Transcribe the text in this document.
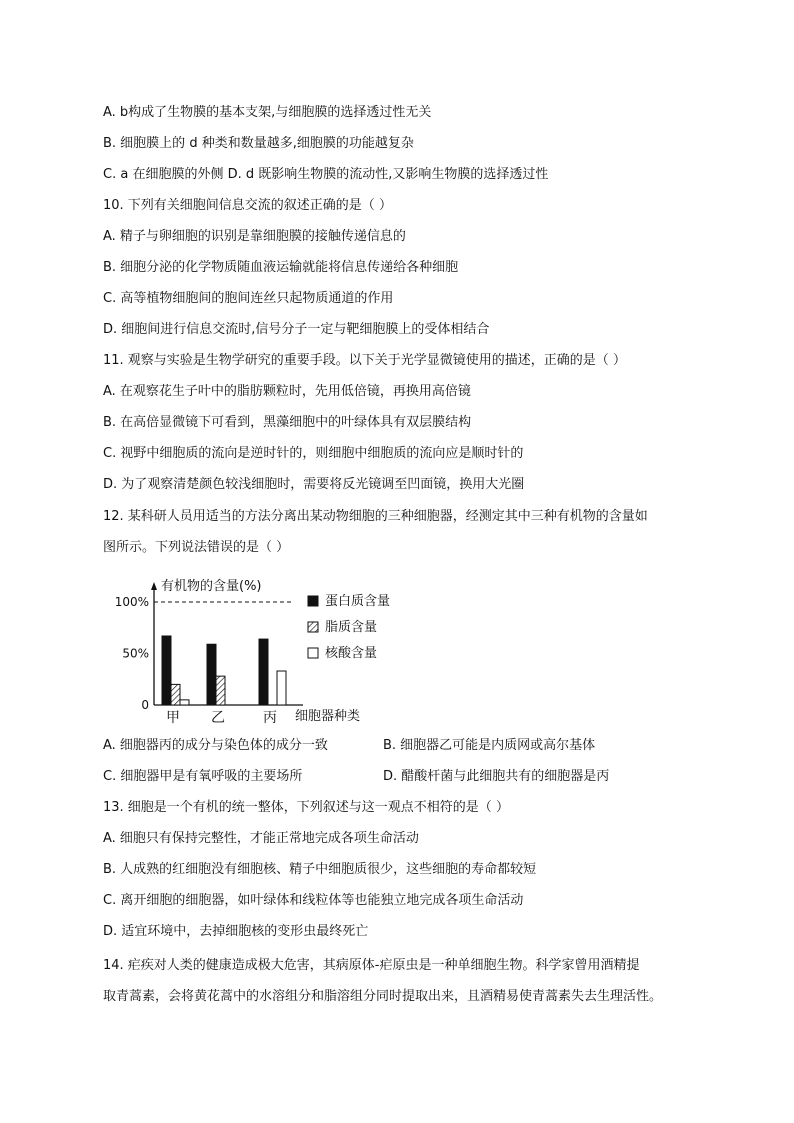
A. b构成了生物膜的基本支架,与细胞膜的选择透过性无关
B. 细胞膜上的 d 种类和数量越多,细胞膜的功能越复杂
C. a 在细胞膜的外侧 D. d 既影响生物膜的流动性,又影响生物膜的选择透过性
10. 下列有关细胞间信息交流的叙述正确的是（ ）
A. 精子与卵细胞的识别是靠细胞膜的接触传递信息的
B. 细胞分泌的化学物质随血液运输就能将信息传递给各种细胞
C. 高等植物细胞间的胞间连丝只起物质通道的作用
D. 细胞间进行信息交流时,信号分子一定与靶细胞膜上的受体相结合
11. 观察与实验是生物学研究的重要手段。以下关于光学显微镜使用的描述，正确的是（ ）
A. 在观察花生子叶中的脂肪颗粒时，先用低倍镜，再换用高倍镜
B. 在高倍显微镜下可看到，黑藻细胞中的叶绿体具有双层膜结构
C. 视野中细胞质的流向是逆时针的，则细胞中细胞质的流向应是顺时针的
D. 为了观察清楚颜色较浅细胞时，需要将反光镜调至凹面镜，换用大光圈
12. 某科研人员用适当的方法分离出某动物细胞的三种细胞器，经测定其中三种有机物的含量如
图所示。下列说法错误的是（ ）
有机物的含量(%)
细胞器种类
100%
50%
0
甲 乙	丙
蛋白质含量
脂质含量
核酸含量
A. 细胞器丙的成分与染色体的成分一致	B. 细胞器乙可能是内质网或高尔基体
C. 细胞器甲是有氧呼吸的主要场所	D. 醋酸杆菌与此细胞共有的细胞器是丙
13. 细胞是一个有机的统一整体，下列叙述与这一观点不相符的是（ ）
A. 细胞只有保持完整性，才能正常地完成各项生命活动
B. 人成熟的红细胞没有细胞核、精子中细胞质很少，这些细胞的寿命都较短
C. 离开细胞的细胞器，如叶绿体和线粒体等也能独立地完成各项生命活动
D. 适宜环境中，去掉细胞核的变形虫最终死亡
14. 疟疾对人类的健康造成极大危害，其病原体-疟原虫是一种单细胞生物。科学家曾用酒精提
取青蒿素，会将黄花蒿中的水溶组分和脂溶组分同时提取出来，且酒精易使青蒿素失去生理活性。
